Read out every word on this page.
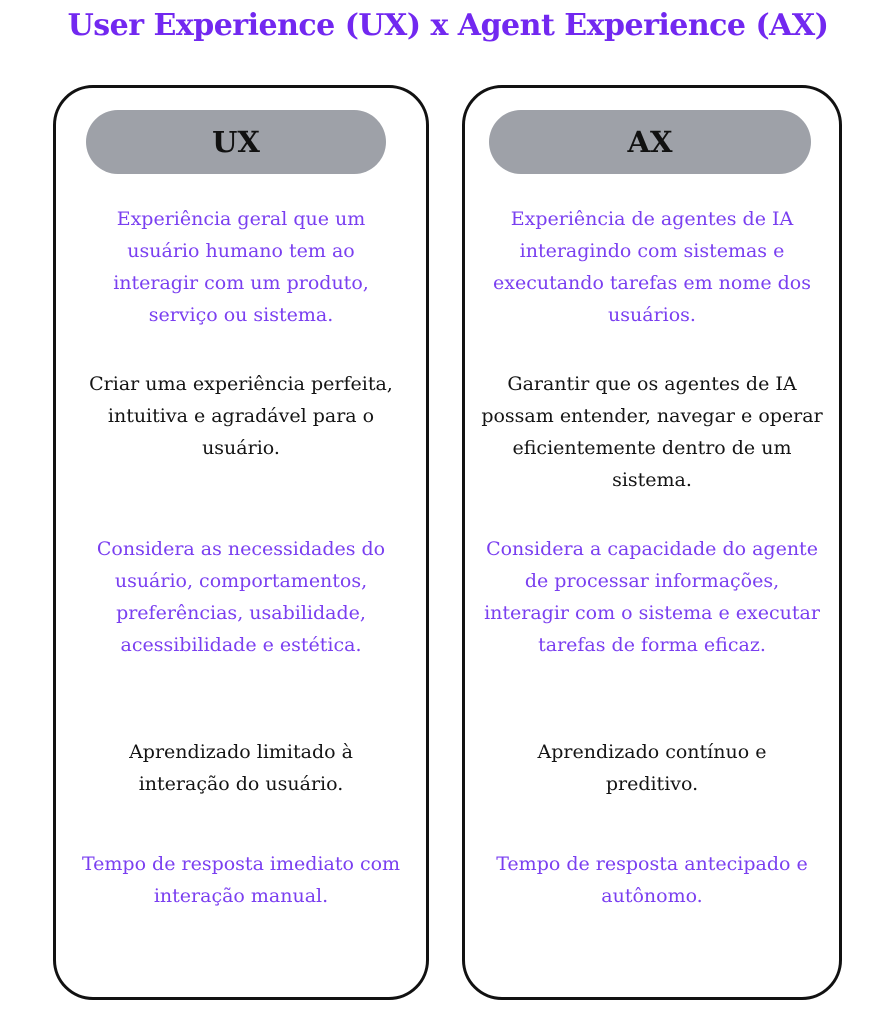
User Experience (UX) x Agent Experience (AX)
UX

Experiência geral que um usuário humano tem ao interagir com um produto, serviço ou sistema.

Criar uma experiência perfeita, intuitiva e agradável para o usuário.

Considera as necessidades do usuário, comportamentos, preferências, usabilidade, acessibilidade e estética.

Aprendizado limitado à interação do usuário.

Tempo de resposta imediato com interação manual.

AX

Experiência de agentes de IA interagindo com sistemas e executando tarefas em nome dos usuários.

Garantir que os agentes de IA possam entender, navegar e operar eficientemente dentro de um sistema.

Considera a capacidade do agente de processar informações, interagir com o sistema e executar tarefas de forma eficaz.

Aprendizado contínuo e preditivo.

Tempo de resposta antecipado e autônomo.
